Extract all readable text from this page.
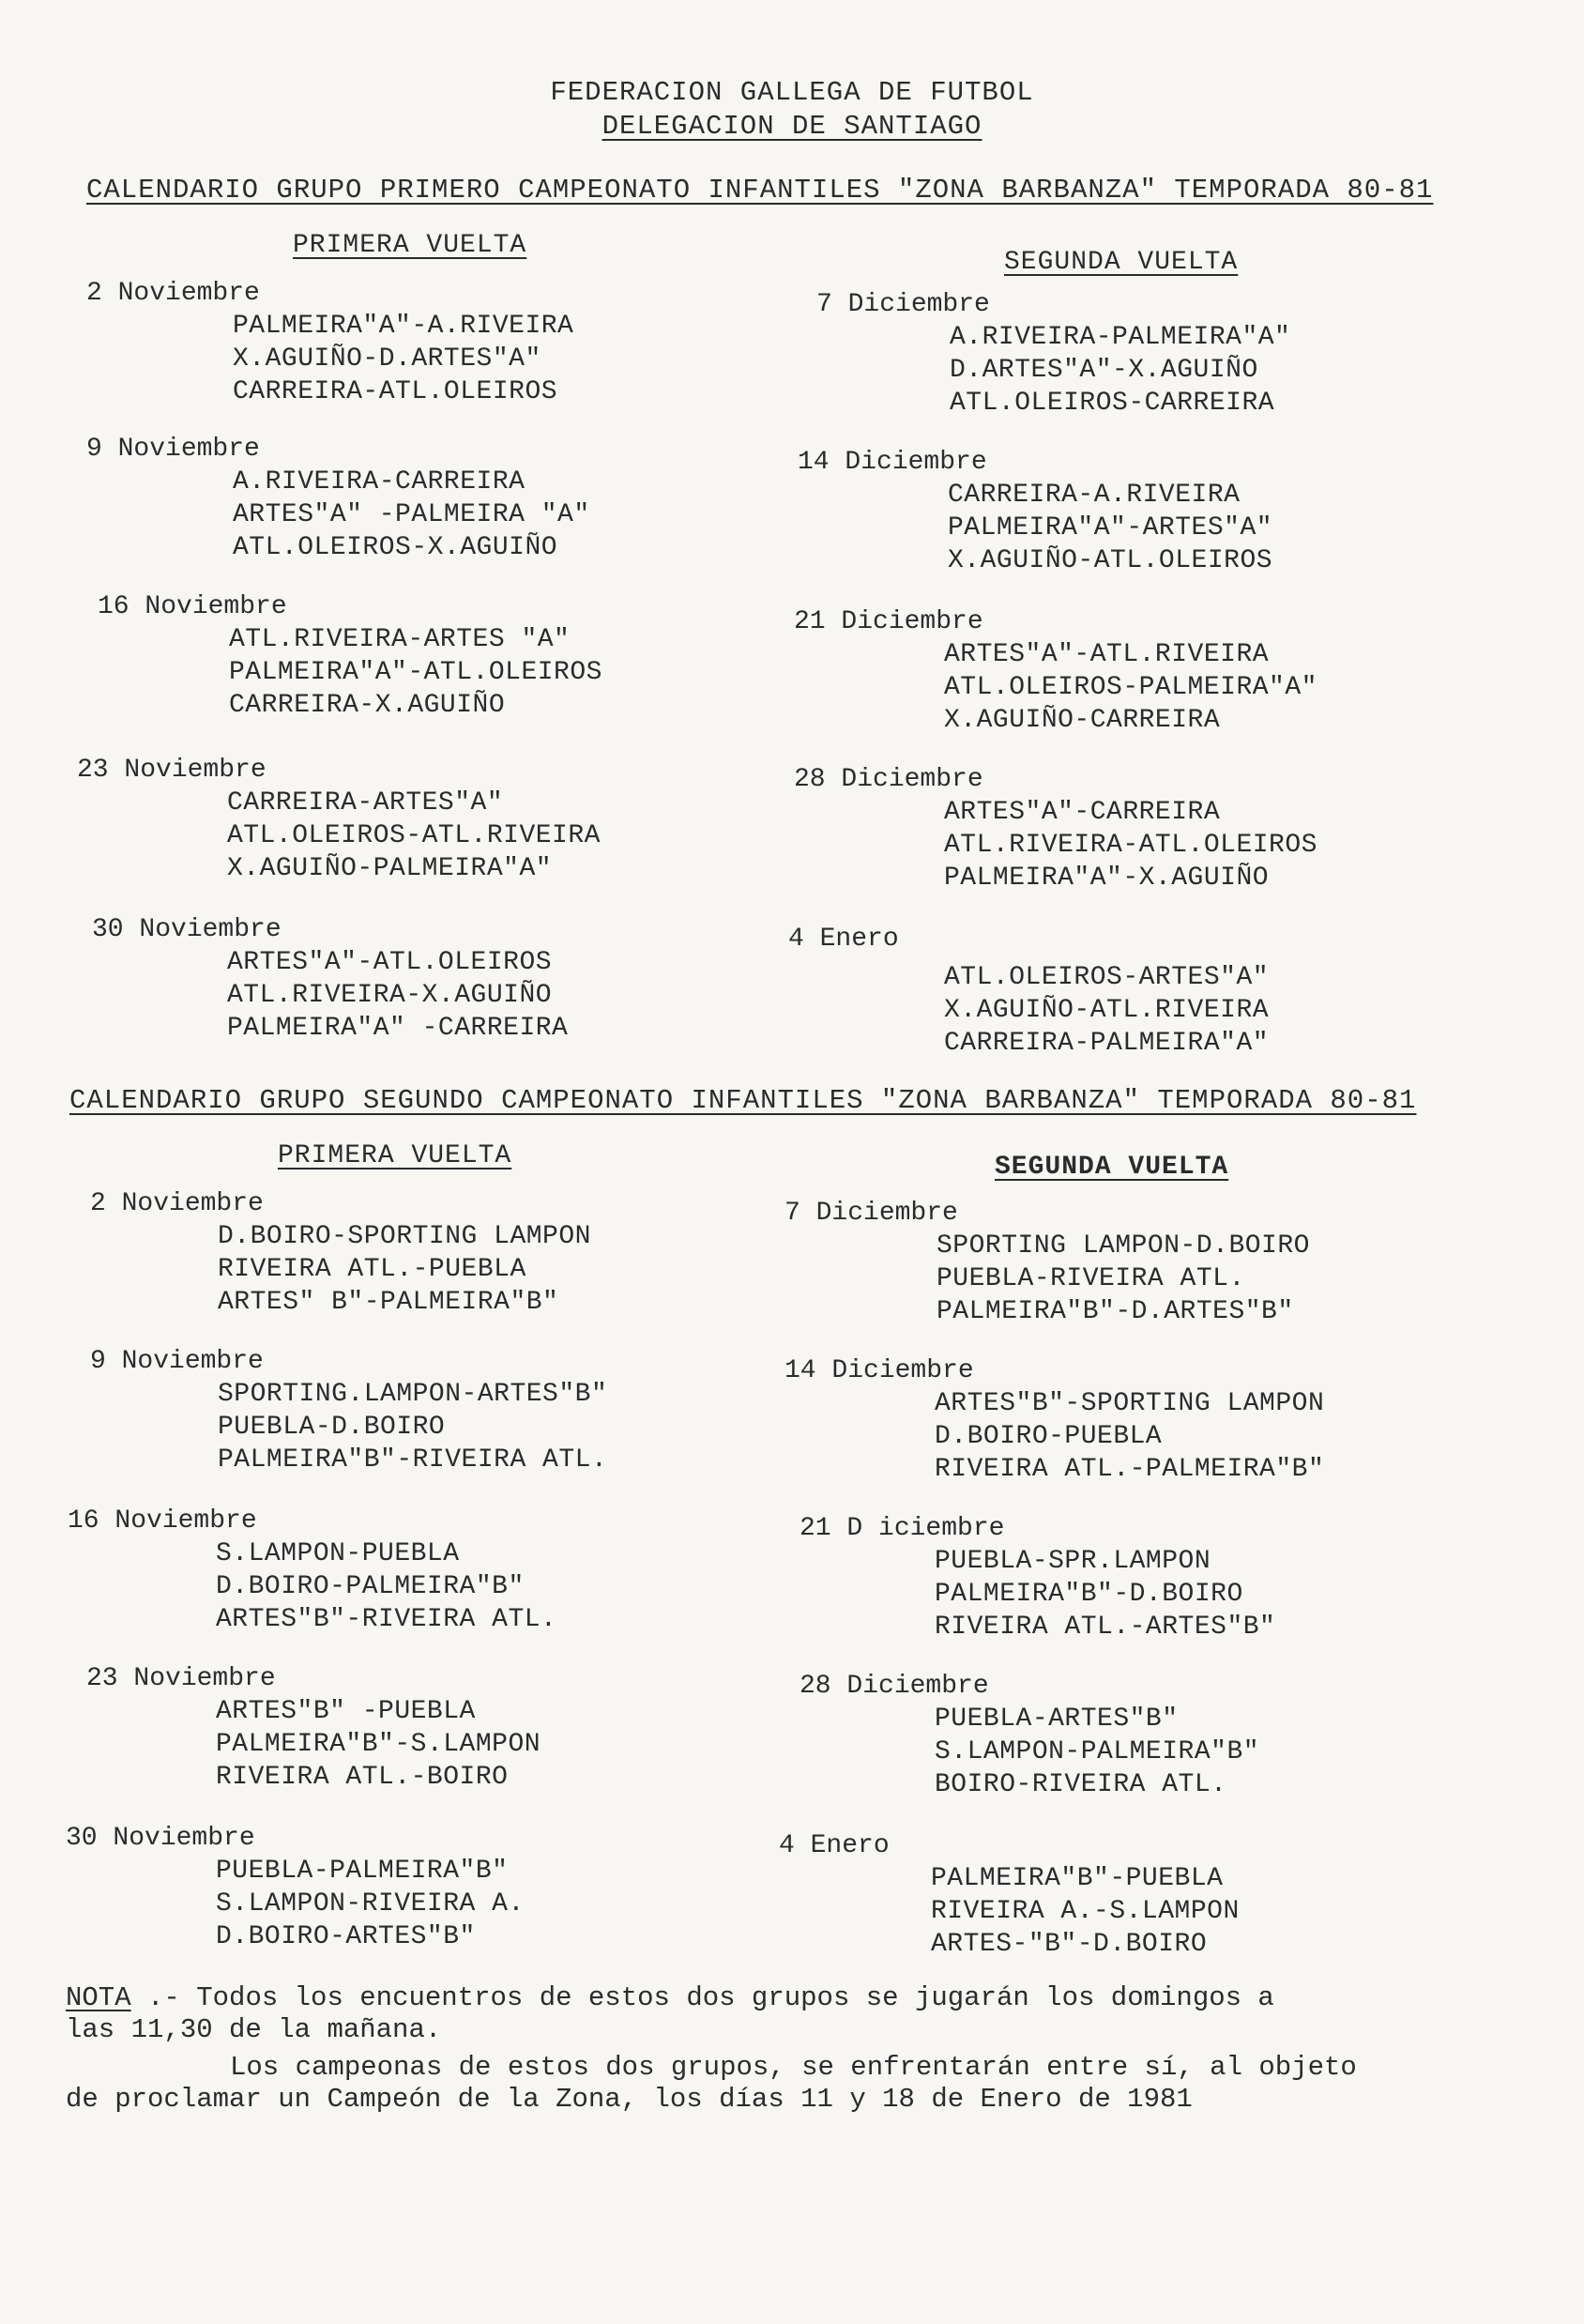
FEDERACION GALLEGA DE FUTBOL
DELEGACION DE SANTIAGO
CALENDARIO GRUPO PRIMERO CAMPEONATO INFANTILES "ZONA BARBANZA" TEMPORADA 80-81
PRIMERA VUELTA
SEGUNDA VUELTA
2 Noviembre
PALMEIRA"A"-A.RIVEIRA
X.AGUIÑO-D.ARTES"A"
CARREIRA-ATL.OLEIROS
9 Noviembre
A.RIVEIRA-CARREIRA
ARTES"A" -PALMEIRA "A"
ATL.OLEIROS-X.AGUIÑO
16 Noviembre
ATL.RIVEIRA-ARTES "A"
PALMEIRA"A"-ATL.OLEIROS
CARREIRA-X.AGUIÑO
23 Noviembre
CARREIRA-ARTES"A"
ATL.OLEIROS-ATL.RIVEIRA
X.AGUIÑO-PALMEIRA"A"
30 Noviembre
ARTES"A"-ATL.OLEIROS
ATL.RIVEIRA-X.AGUIÑO
PALMEIRA"A" -CARREIRA
7 Diciembre
A.RIVEIRA-PALMEIRA"A"
D.ARTES"A"-X.AGUIÑO
ATL.OLEIROS-CARREIRA
14 Diciembre
CARREIRA-A.RIVEIRA
PALMEIRA"A"-ARTES"A"
X.AGUIÑO-ATL.OLEIROS
21 Diciembre
ARTES"A"-ATL.RIVEIRA
ATL.OLEIROS-PALMEIRA"A"
X.AGUIÑO-CARREIRA
28 Diciembre
ARTES"A"-CARREIRA
ATL.RIVEIRA-ATL.OLEIROS
PALMEIRA"A"-X.AGUIÑO
4 Enero
ATL.OLEIROS-ARTES"A"
X.AGUIÑO-ATL.RIVEIRA
CARREIRA-PALMEIRA"A"
CALENDARIO GRUPO SEGUNDO CAMPEONATO INFANTILES "ZONA BARBANZA" TEMPORADA 80-81
PRIMERA VUELTA	SEGUNDA VUELTA
2 Noviembre
D.BOIRO-SPORTING LAMPON
RIVEIRA ATL.-PUEBLA
ARTES" B"-PALMEIRA"B"
9 Noviembre
SPORTING.LAMPON-ARTES"B"
PUEBLA-D.BOIRO
PALMEIRA"B"-RIVEIRA ATL.
16 Noviembre
S.LAMPON-PUEBLA
D.BOIRO-PALMEIRA"B"
ARTES"B"-RIVEIRA ATL.
23 Noviembre
ARTES"B" -PUEBLA
PALMEIRA"B"-S.LAMPON
RIVEIRA ATL.-BOIRO
30 Noviembre
PUEBLA-PALMEIRA"B"
S.LAMPON-RIVEIRA A.
D.BOIRO-ARTES"B"
7 Diciembre
SPORTING LAMPON-D.BOIRO
PUEBLA-RIVEIRA ATL.
PALMEIRA"B"-D.ARTES"B"
14 Diciembre
ARTES"B"-SPORTING LAMPON
D.BOIRO-PUEBLA
RIVEIRA ATL.-PALMEIRA"B"
21 D iciembre
PUEBLA-SPR.LAMPON
PALMEIRA"B"-D.BOIRO
RIVEIRA ATL.-ARTES"B"
28 Diciembre
PUEBLA-ARTES"B"
S.LAMPON-PALMEIRA"B"
BOIRO-RIVEIRA ATL.
4 Enero
PALMEIRA"B"-PUEBLA
RIVEIRA A.-S.LAMPON
ARTES-"B"-D.BOIRO

NOTA .- Todos los encuentros de estos dos grupos se jugarán los domingos a

las 11,30 de la mañana.

Los campeonas de estos dos grupos, se enfrentarán entre sí, al objeto

de proclamar un Campeón de la Zona, los días 11 y 18 de Enero de 1981
